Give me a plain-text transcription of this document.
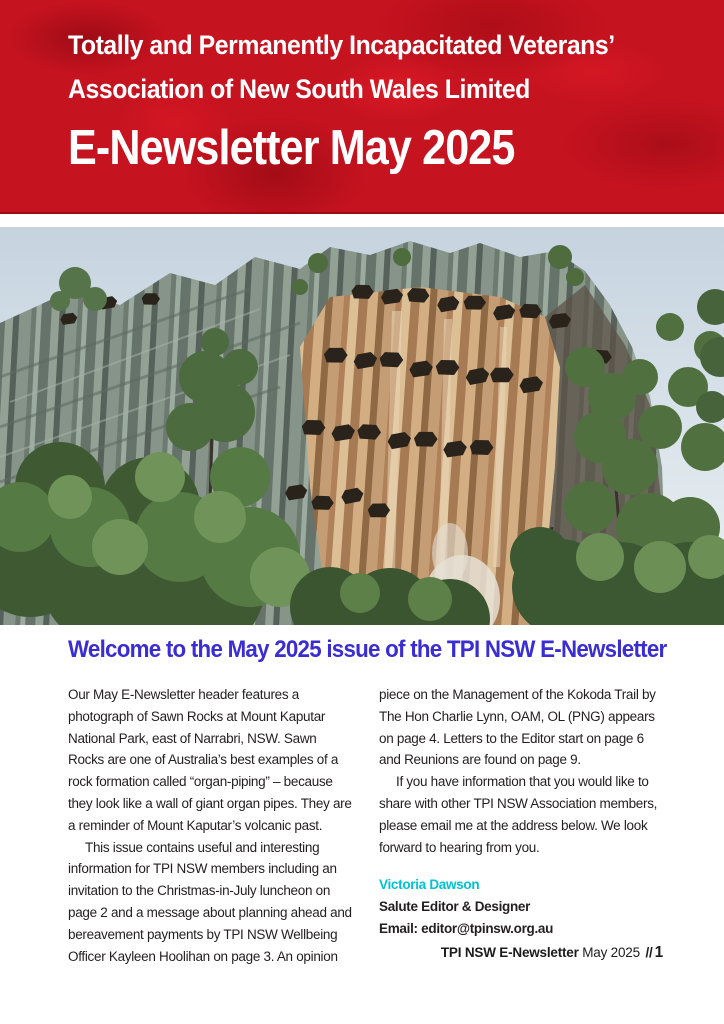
Totally and Permanently Incapacitated Veterans’
Association of New South Wales Limited
E-Newsletter May 2025
Welcome to the May 2025 issue of the TPI NSW E-Newsletter

Our May E-Newsletter header features a photograph of Sawn Rocks at Mount Kaputar National Park, east of Narrabri, NSW. Sawn Rocks are one of Australia’s best examples of a rock formation called “organ-piping” – because they look like a wall of giant organ pipes. They are a reminder of Mount Kaputar’s volcanic past.

This issue contains useful and interesting information for TPI NSW members including an invitation to the Christmas-in-July luncheon on page 2 and a message about planning ahead and bereavement payments by TPI NSW Wellbeing Officer Kayleen Hoolihan on page 3. An opinion

piece on the Management of the Kokoda Trail by The Hon Charlie Lynn, OAM, OL (PNG) appears on page 4. Letters to the Editor start on page 6 and Reunions are found on page 9.

If you have information that you would like to share with other TPI NSW Association members, please email me at the address below. We look forward to hearing from you.

Victoria Dawson

Salute Editor & Designer

Email: editor@tpinsw.org.au

TPI NSW E-Newsletter May 2025 // 1
